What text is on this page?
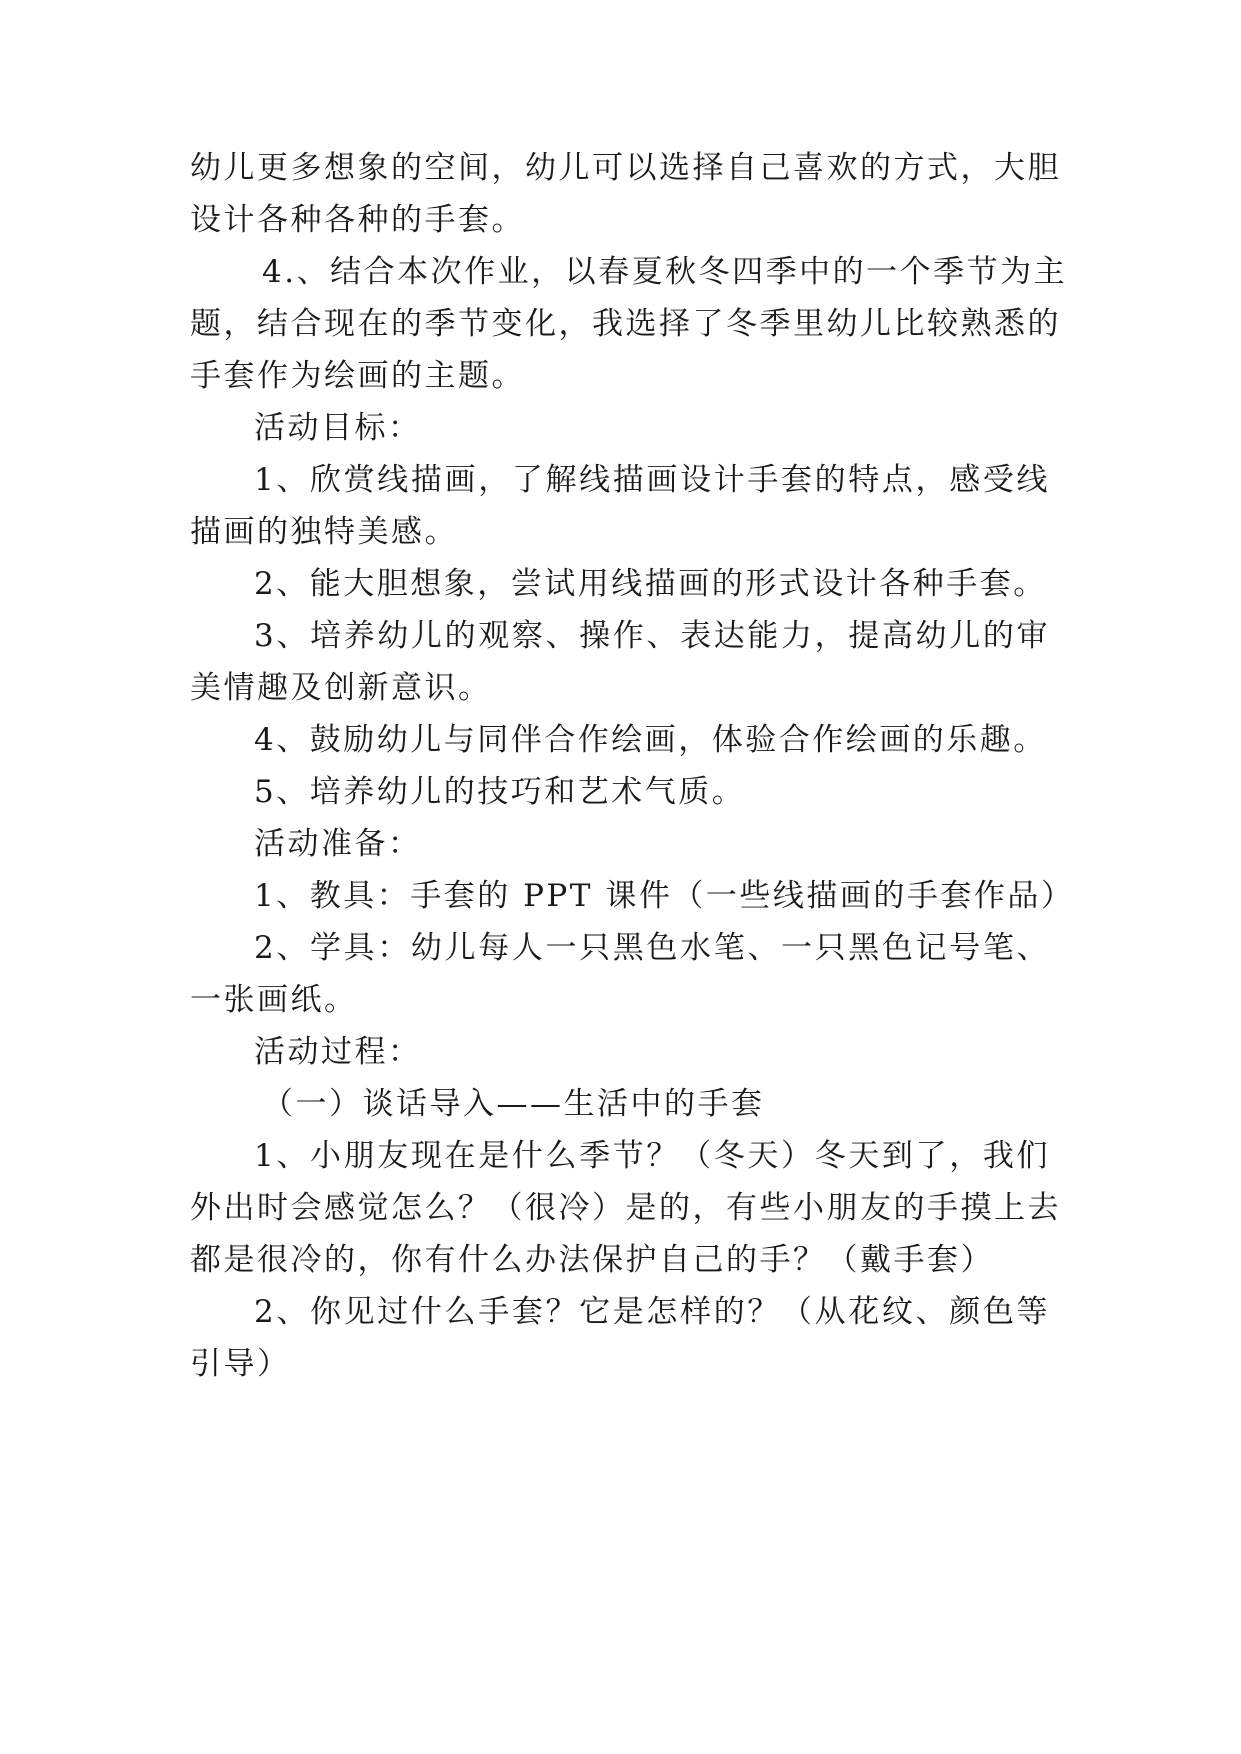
幼儿更多想象的空间，幼儿可以选择自己喜欢的方式，大胆
设计各种各种的手套。
4.、结合本次作业，以春夏秋冬四季中的一个季节为主
题，结合现在的季节变化，我选择了冬季里幼儿比较熟悉的
手套作为绘画的主题。
活动目标：
1、欣赏线描画，了解线描画设计手套的特点，感受线
描画的独特美感。
2、能大胆想象，尝试用线描画的形式设计各种手套。
3、培养幼儿的观察、操作、表达能力，提高幼儿的审
美情趣及创新意识。
4、鼓励幼儿与同伴合作绘画，体验合作绘画的乐趣。
5、培养幼儿的技巧和艺术气质。
活动准备：
1、教具：手套的 PPT 课件（一些线描画的手套作品）
2、学具：幼儿每人一只黑色水笔、一只黑色记号笔、
一张画纸。
活动过程：
（一）谈话导入——生活中的手套
1、小朋友现在是什么季节？（冬天）冬天到了，我们
外出时会感觉怎么？（很冷）是的，有些小朋友的手摸上去
都是很冷的，你有什么办法保护自己的手？（戴手套）
2、你见过什么手套？它是怎样的？（从花纹、颜色等
引导）
